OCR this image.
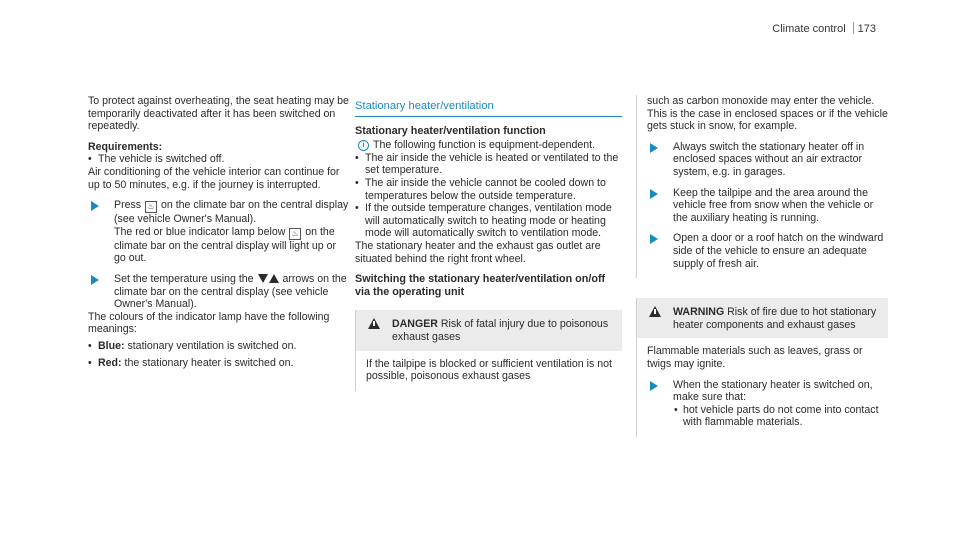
Climate control 173

To protect against overheating, the seat heating may be temporarily deactivated after it has been switched on repeatedly.

Requirements:

• The vehicle is switched off.

Air conditioning of the vehicle interior can continue for up to 50 minutes, e.g. if the journey is interrupted.

Press ♨ on the climate bar on the central display (see vehicle Owner's Manual).
The red or blue indicator lamp below ♨ on the climate bar on the central display will light up or go out.
Set the temperature using the	arrows on the climate bar on the central display (see vehicle Owner's Manual).

The colours of the indicator lamp have the following meanings:

• Blue: stationary ventilation is switched on.
• Red: the stationary heater is switched on.
Stationary heater/ventilation

Stationary heater/ventilation function

i The following function is equipment-dependent.
• The air inside the vehicle is heated or ventilated to the set temperature.
• The air inside the vehicle cannot be cooled down to temperatures below the outside temperature.
• If the outside temperature changes, ventilation mode will automatically switch to heating mode or heating mode will automatically switch to ventilation mode.

The stationary heater and the exhaust gas outlet are situated behind the right front wheel.

Switching the stationary heater/ventilation on/off via the operating unit

DANGER Risk of fatal injury due to poisonous exhaust gases
If the tailpipe is blocked or sufficient ventilation is not possible, poisonous exhaust gases

such as carbon monoxide may enter the vehicle. This is the case in enclosed spaces or if the vehicle gets stuck in snow, for example.

Always switch the stationary heater off in enclosed spaces without an air extractor system, e.g. in garages.
Keep the tailpipe and the area around the vehicle free from snow when the vehicle or the auxiliary heating is running.
Open a door or a roof hatch on the windward side of the vehicle to ensure an adequate supply of fresh air.
WARNING Risk of fire due to hot stationary heater components and exhaust gases

Flammable materials such as leaves, grass or twigs may ignite.

When the stationary heater is switched on, make sure that:
• hot vehicle parts do not come into contact with flammable materials.
